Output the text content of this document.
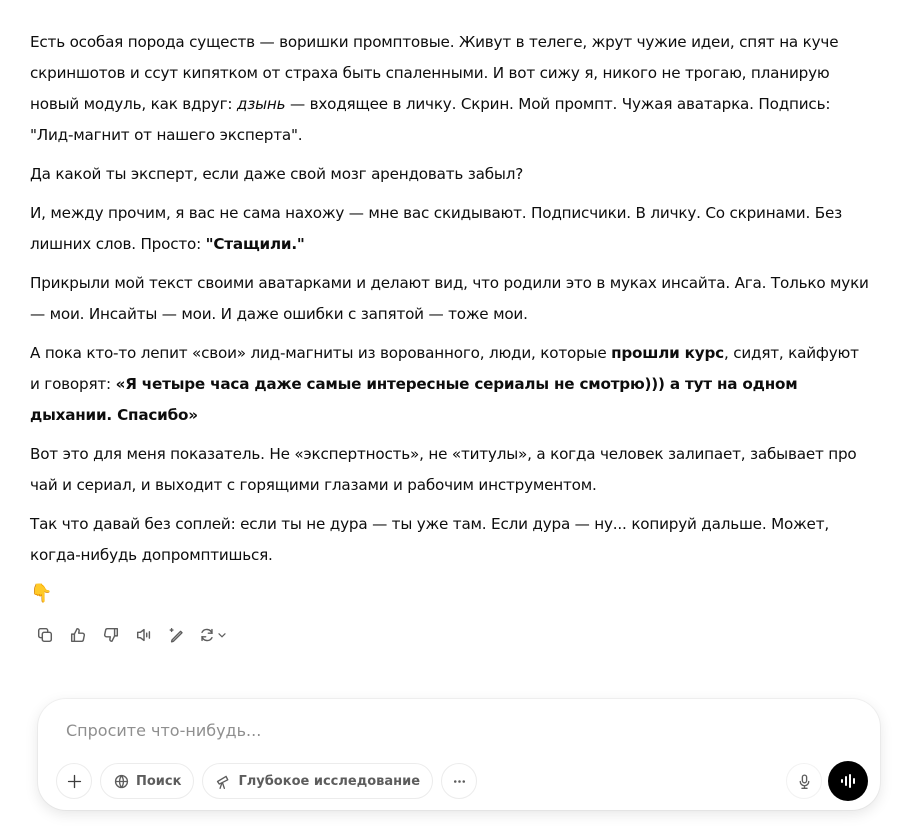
Есть особая порода существ — воришки промптовые. Живут в телеге, жрут чужие идеи, спят на куче скриншотов и ссут кипятком от страха быть спаленными. И вот сижу я, никого не трогаю, планирую новый модуль, как вдруг: дзынь — входящее в личку. Скрин. Мой промпт. Чужая аватарка. Подпись: "Лид-магнит от нашего эксперта".

Да какой ты эксперт, если даже свой мозг арендовать забыл?

И, между прочим, я вас не сама нахожу — мне вас скидывают. Подписчики. В личку. Со скринами. Без лишних слов. Просто: "Стащили."

Прикрыли мой текст своими аватарками и делают вид, что родили это в муках инсайта. Ага. Только муки — мои. Инсайты — мои. И даже ошибки с запятой — тоже мои.

А пока кто-то лепит «свои» лид-магниты из ворованного, люди, которые прошли курс, сидят, кайфуют и говорят: «Я четыре часа даже самые интересные сериалы не смотрю))) а тут на одном дыхании. Спасибо»

Вот это для меня показатель. Не «экспертность», не «титулы», а когда человек залипает, забывает про чай и сериал, и выходит с горящими глазами и рабочим инструментом.

Так что давай без соплей: если ты не дура — ты уже там. Если дура — ну... копируй дальше. Может, когда-нибудь допромптишься.

👇
Спросите что-нибудь...
Поиск	Глубокое исследование
